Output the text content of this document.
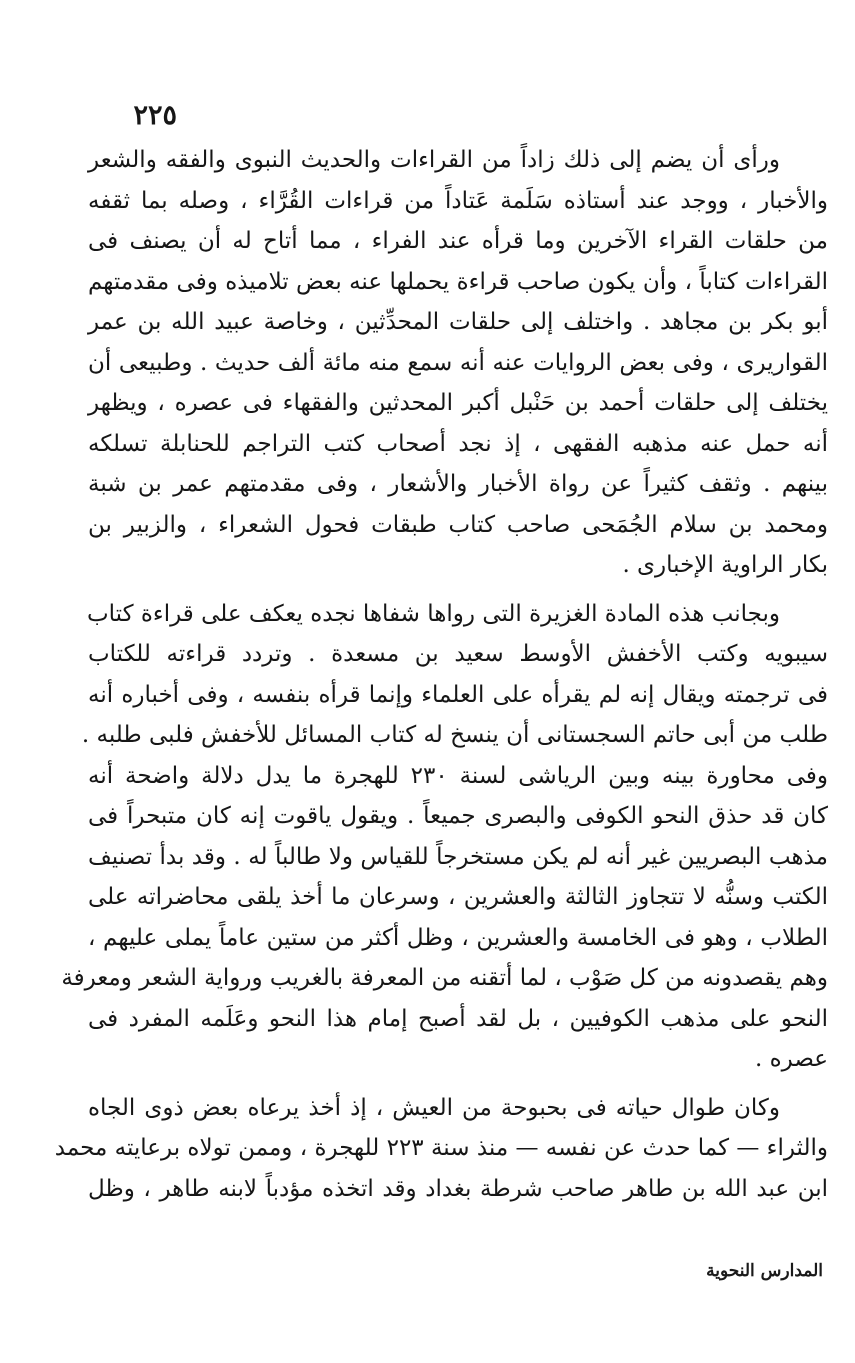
٢٢٥
ورأى أن يضم إلى ذلك زاداً من القراءات والحديث النبوى والفقه والشعر
والأخبار ، ووجد عند أستاذه سَلَمة عَتاداً من قراءات القُرَّاء ، وصله بما ثقفه
من حلقات القراء الآخرين وما قرأه عند الفراء ، مما أتاح له أن يصنف فى
القراءات كتاباً ، وأن يكون صاحب قراءة يحملها عنه بعض تلاميذه وفى مقدمتهم
أبو بكر بن مجاهد . واختلف إلى حلقات المحدِّثين ، وخاصة عبيد الله بن عمر
القواريرى ، وفى بعض الروايات عنه أنه سمع منه مائة ألف حديث . وطبيعى أن
يختلف إلى حلقات أحمد بن حَنْبل أكبر المحدثين والفقهاء فى عصره ، ويظهر
أنه حمل عنه مذهبه الفقهى ، إذ نجد أصحاب كتب التراجم للحنابلة تسلكه
بينهم . وثقف كثيراً عن رواة الأخبار والأشعار ، وفى مقدمتهم عمر بن شبة
ومحمد بن سلام الجُمَحى صاحب كتاب طبقات فحول الشعراء ، والزبير بن
بكار الراوية الإخبارى .
وبجانب هذه المادة الغزيرة التى رواها شفاها نجده يعكف على قراءة كتاب
سيبويه وكتب الأخفش الأوسط سعيد بن مسعدة . وتردد قراءته للكتاب
فى ترجمته ويقال إنه لم يقرأه على العلماء وإنما قرأه بنفسه ، وفى أخباره أنه
طلب من أبى حاتم السجستانى أن ينسخ له كتاب المسائل للأخفش فلبى طلبه .
وفى محاورة بينه وبين الرياشى لسنة ٢٣٠ للهجرة ما يدل دلالة واضحة أنه
كان قد حذق النحو الكوفى والبصرى جميعاً . ويقول ياقوت إنه كان متبحراً فى
مذهب البصريين غير أنه لم يكن مستخرجاً للقياس ولا طالباً له . وقد بدأ تصنيف
الكتب وسنُّه لا تتجاوز الثالثة والعشرين ، وسرعان ما أخذ يلقى محاضراته على
الطلاب ، وهو فى الخامسة والعشرين ، وظل أكثر من ستين عاماً يملى عليهم ،
وهم يقصدونه من كل صَوْب ، لما أتقنه من المعرفة بالغريب ورواية الشعر ومعرفة
النحو على مذهب الكوفيين ، بل لقد أصبح إمام هذا النحو وعَلَمه المفرد فى
عصره .
وكان طوال حياته فى بحبوحة من العيش ، إذ أخذ يرعاه بعض ذوى الجاه
والثراء — كما حدث عن نفسه — منذ سنة ٢٢٣ للهجرة ، وممن تولاه برعايته محمد
ابن عبد الله بن طاهر صاحب شرطة بغداد وقد اتخذه مؤدباً لابنه طاهر ، وظل
المدارس النحوية
